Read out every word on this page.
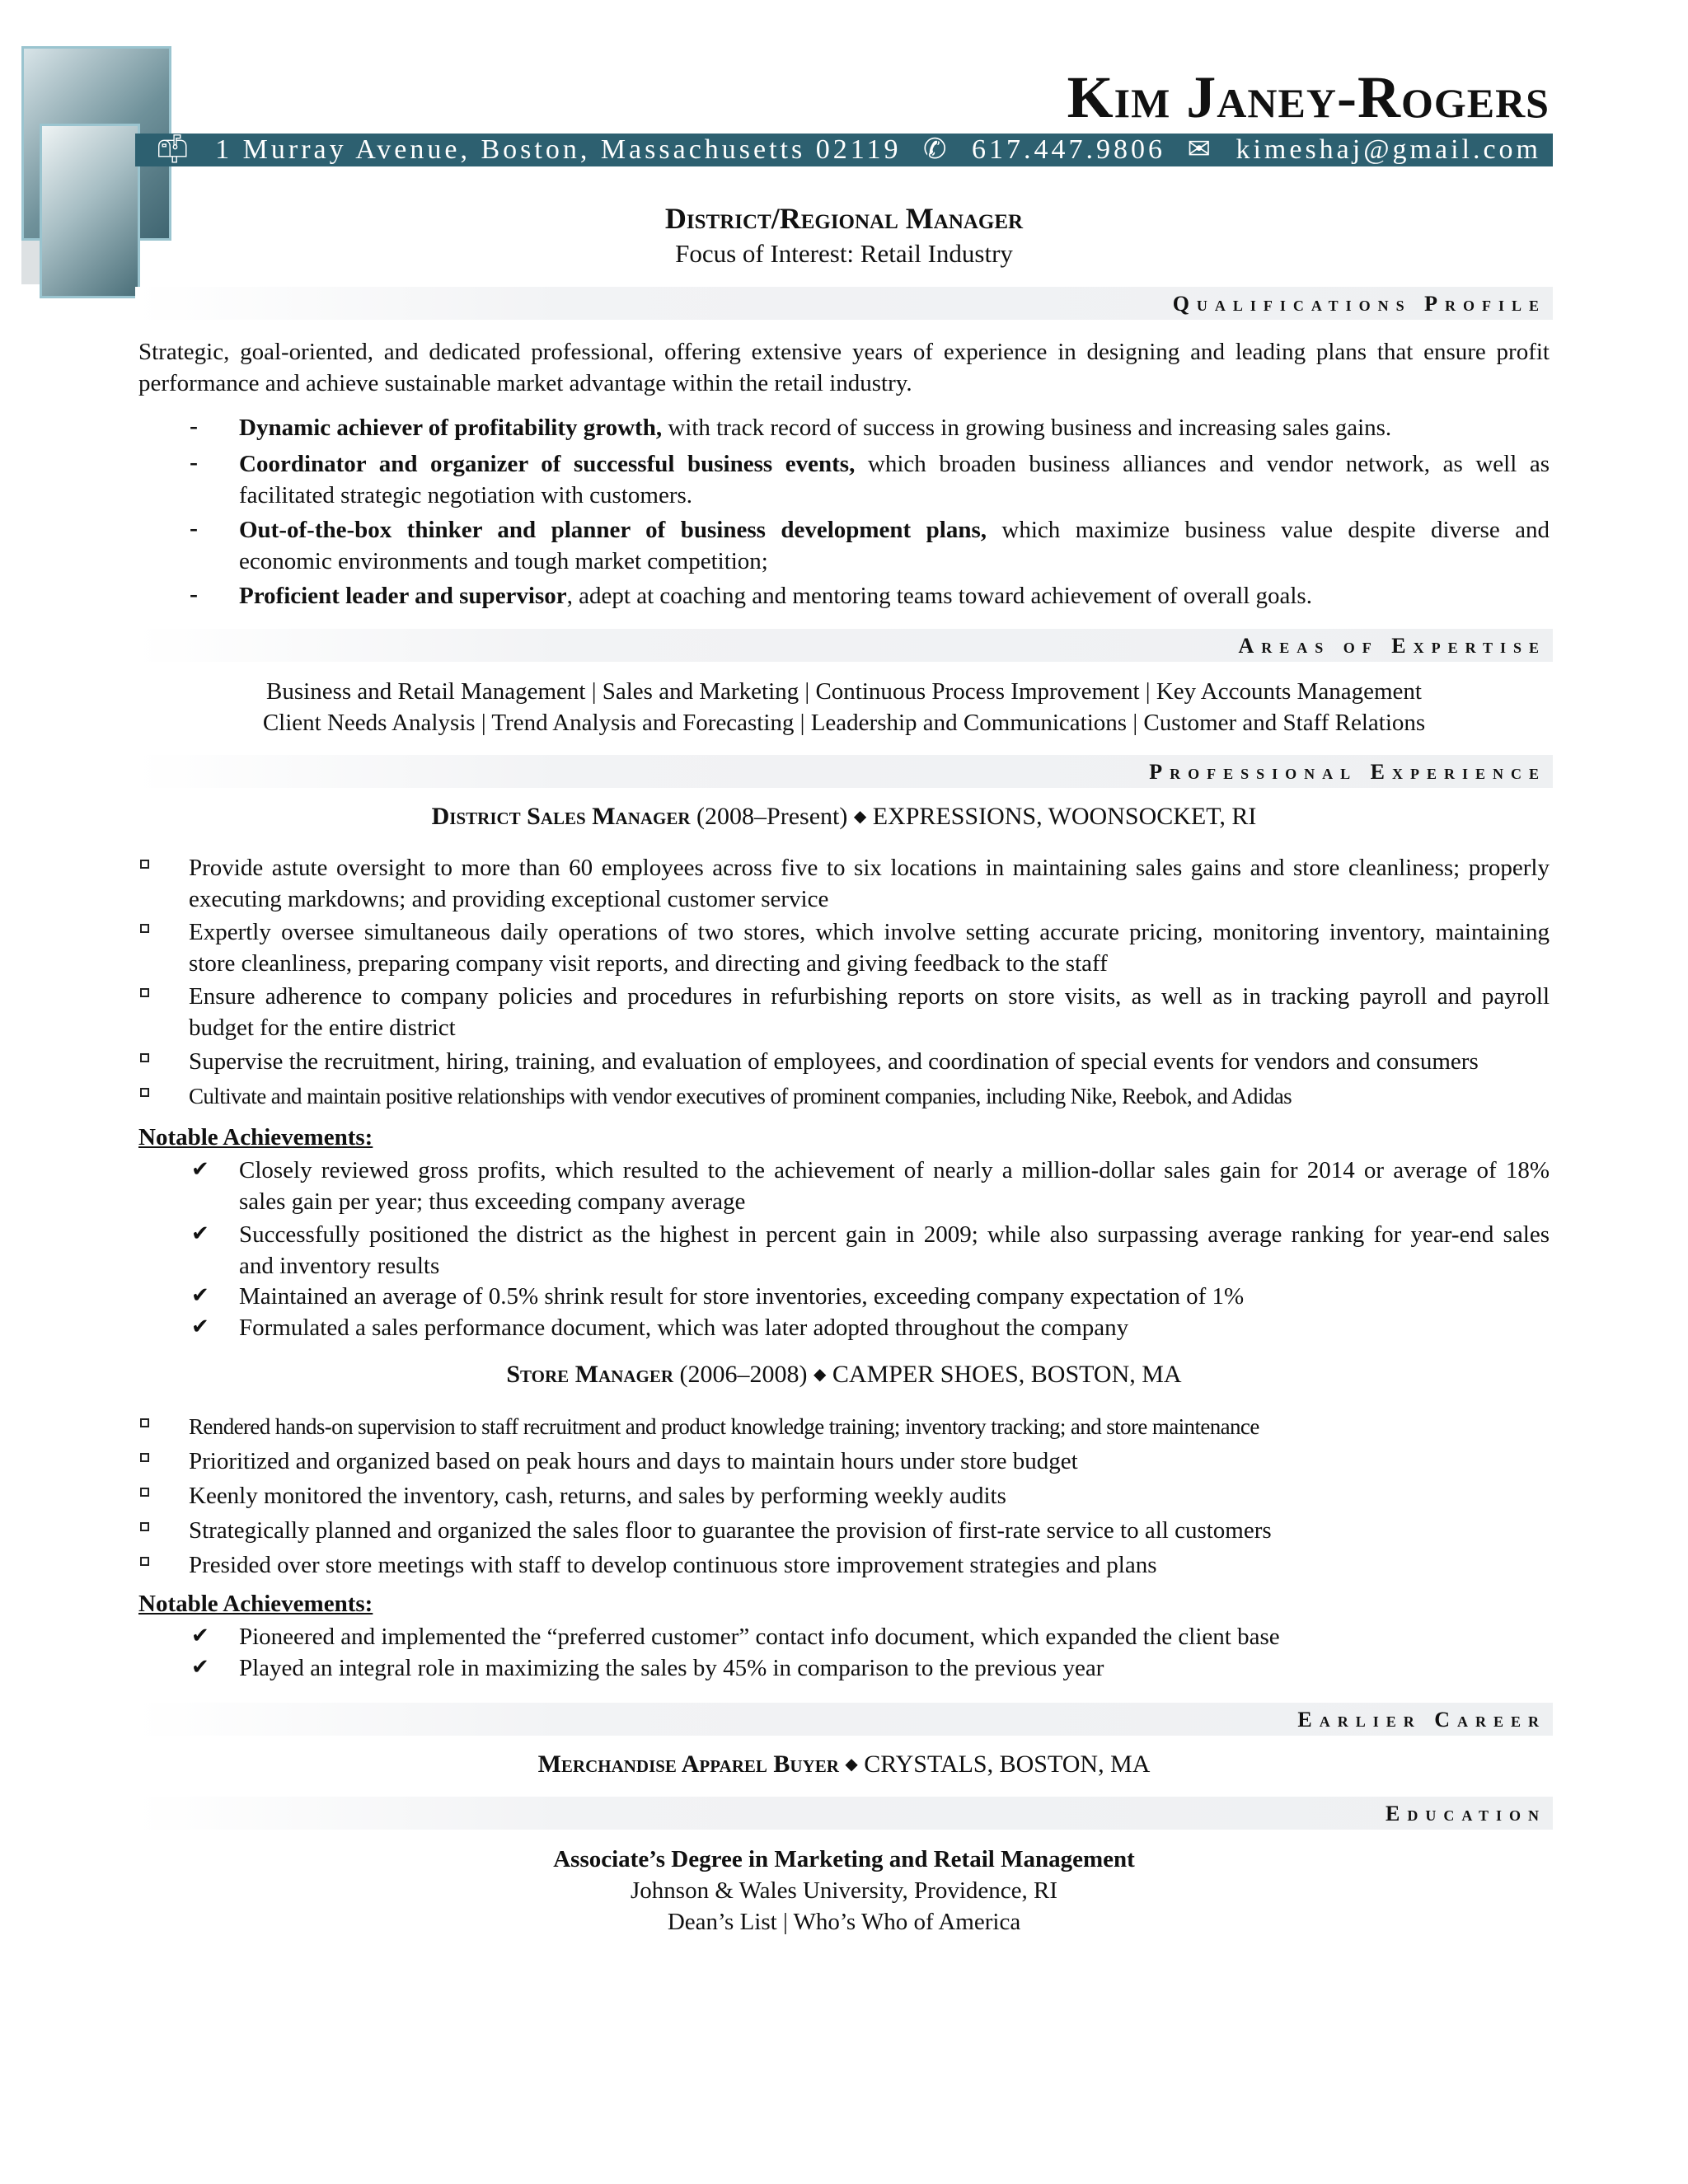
Kim Janey-Rogers
📫︎ 1 Murray Avenue, Boston, Massachusetts 02119 ✆ 617.447.9806 ✉ kimeshaj@gmail.com
District/Regional Manager
Focus of Interest: Retail Industry
Qualifications Profile
Strategic, goal-oriented, and dedicated professional, offering extensive years of experience in designing and leading plans that ensure profit
performance and achieve sustainable market advantage within the retail industry.
- Dynamic achiever of profitability growth, with track record of success in growing business and increasing sales gains.
- Coordinator and organizer of successful business events, which broaden business alliances and vendor network, as well as
facilitated strategic negotiation with customers.
- Out-of-the-box thinker and planner of business development plans, which maximize business value despite diverse and
economic environments and tough market competition;
- Proficient leader and supervisor, adept at coaching and mentoring teams toward achievement of overall goals.
Areas of Expertise
Business and Retail Management | Sales and Marketing | Continuous Process Improvement | Key Accounts Management
Client Needs Analysis | Trend Analysis and Forecasting | Leadership and Communications | Customer and Staff Relations
Professional Experience
District Sales Manager (2008–Present) ◆ EXPRESSIONS, WOONSOCKET, RI
Provide astute oversight to more than 60 employees across five to six locations in maintaining sales gains and store cleanliness; properly
executing markdowns; and providing exceptional customer service
Expertly oversee simultaneous daily operations of two stores, which involve setting accurate pricing, monitoring inventory, maintaining
store cleanliness, preparing company visit reports, and directing and giving feedback to the staff
Ensure adherence to company policies and procedures in refurbishing reports on store visits, as well as in tracking payroll and payroll
budget for the entire district
Supervise the recruitment, hiring, training, and evaluation of employees, and coordination of special events for vendors and consumers
Cultivate and maintain positive relationships with vendor executives of prominent companies, including Nike, Reebok, and Adidas
Notable Achievements:
✔ Closely reviewed gross profits, which resulted to the achievement of nearly a million-dollar sales gain for 2014 or average of 18%
sales gain per year; thus exceeding company average
✔ Successfully positioned the district as the highest in percent gain in 2009; while also surpassing average ranking for year-end sales
and inventory results
✔ Maintained an average of 0.5% shrink result for store inventories, exceeding company expectation of 1%
✔ Formulated a sales performance document, which was later adopted throughout the company
Store Manager (2006–2008) ◆ CAMPER SHOES, BOSTON, MA
Rendered hands-on supervision to staff recruitment and product knowledge training; inventory tracking; and store maintenance
Prioritized and organized based on peak hours and days to maintain hours under store budget
Keenly monitored the inventory, cash, returns, and sales by performing weekly audits
Strategically planned and organized the sales floor to guarantee the provision of first-rate service to all customers
Presided over store meetings with staff to develop continuous store improvement strategies and plans
Notable Achievements:
✔ Pioneered and implemented the “preferred customer” contact info document, which expanded the client base
✔ Played an integral role in maximizing the sales by 45% in comparison to the previous year
Earlier Career
Merchandise Apparel Buyer ◆ CRYSTALS, BOSTON, MA
Education
Associate’s Degree in Marketing and Retail Management
Johnson & Wales University, Providence, RI
Dean’s List | Who’s Who of America
